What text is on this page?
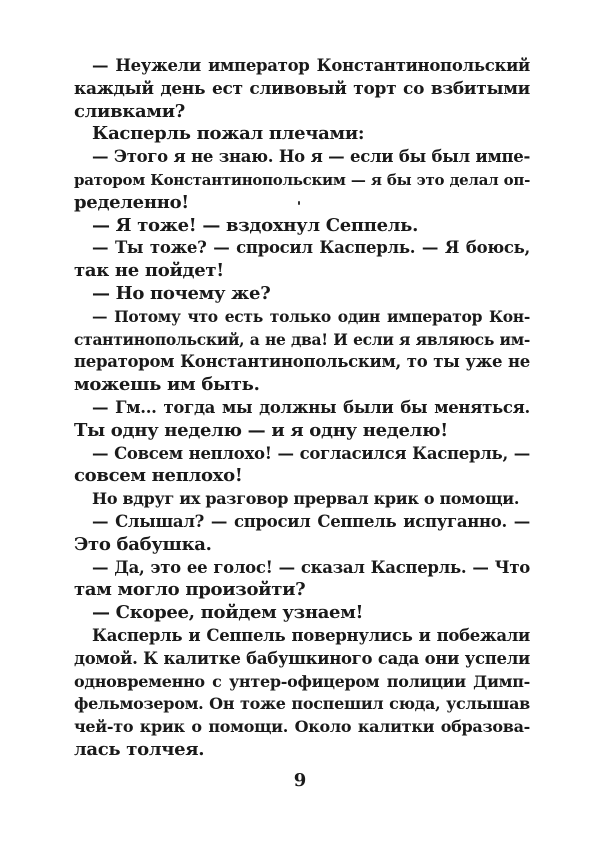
— Неужели император Константинопольский
каждый день ест сливовый торт со взбитыми
сливками?
Касперль пожал плечами:
— Этого я не знаю. Но я — если бы был импе-
ратором Константинопольским — я бы это делал оп-
ределенно!
— Я тоже! — вздохнул Сеппель.
— Ты тоже? — спросил Касперль. — Я боюсь,
так не пойдет!
— Но почему же?
— Потому что есть только один император Кон-
стантинопольский, а не два! И если я являюсь им-
ператором Константинопольским, то ты уже не
можешь им быть.
— Гм... тогда мы должны были бы меняться.
Ты одну неделю — и я одну неделю!
— Совсем неплохо! — согласился Касперль, —
совсем неплохо!
Но вдруг их разговор прервал крик о помощи.
— Слышал? — спросил Сеппель испуганно. —
Это бабушка.
— Да, это ее голос! — сказал Касперль. — Что
там могло произойти?
— Скорее, пойдем узнаем!
Касперль и Сеппель повернулись и побежали
домой. К калитке бабушкиного сада они успели
одновременно с унтер-офицером полиции Димп-
фельмозером. Он тоже поспешил сюда, услышав
чей-то крик о помощи. Около калитки образова-
лась толчея.
9
